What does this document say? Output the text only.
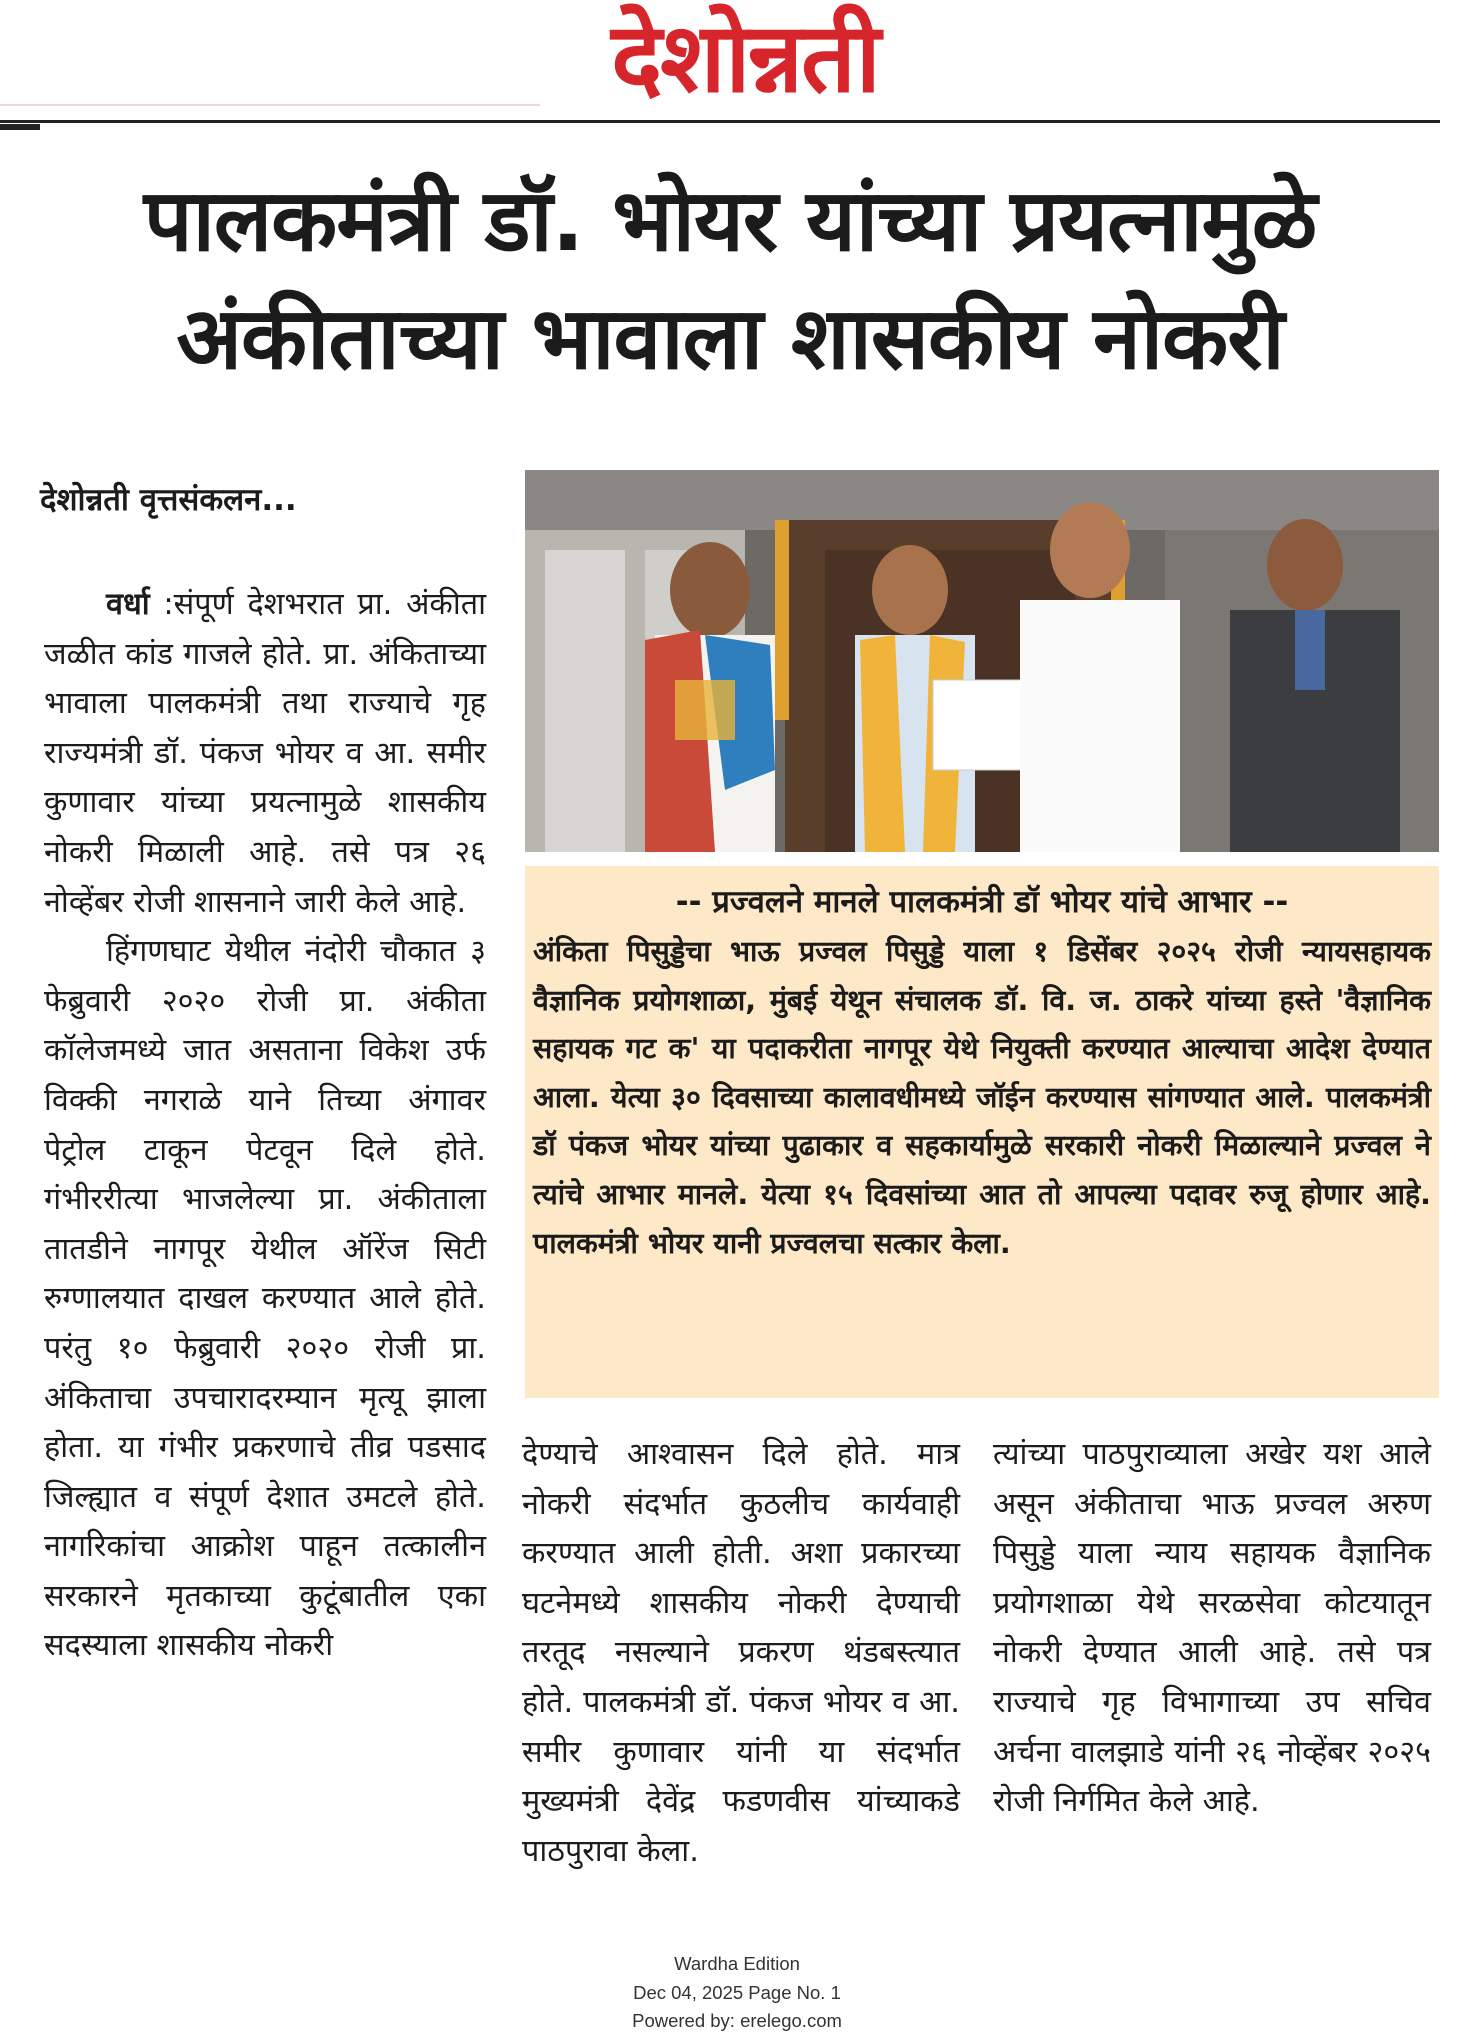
देशोन्नती
पालकमंत्री डॉ. भोयर यांच्या प्रयत्नामुळे
अंकीताच्या भावाला शासकीय नोकरी
देशोन्नती वृत्तसंकलन...

वर्धा :संपूर्ण देशभरात प्रा. अंकीता जळीत कांड गाजले होते. प्रा. अंकिताच्या भावाला पालकमंत्री तथा राज्याचे गृह राज्यमंत्री डॉ. पंकज भोयर व आ. समीर कुणावार यांच्या प्रयत्नामुळे शासकीय नोकरी मिळाली आहे. तसे पत्र २६ नोव्हेंबर रोजी शासनाने जारी केले आहे.

हिंगणघाट येथील नंदोरी चौकात ३ फेब्रुवारी २०२० रोजी प्रा. अंकीता कॉलेजमध्ये जात असताना विकेश उर्फ विक्की नगराळे याने तिच्या अंगावर पेट्रोल टाकून पेटवून दिले होते. गंभीररीत्या भाजलेल्या प्रा. अंकीताला तातडीने नागपूर येथील ऑरेंज सिटी रुग्णालयात दाखल करण्यात आले होते. परंतु १० फेब्रुवारी २०२० रोजी प्रा. अंकिताचा उपचारादरम्यान मृत्यू झाला होता. या गंभीर प्रकरणाचे तीव्र पडसाद जिल्ह्यात व संपूर्ण देशात उमटले होते. नागरिकांचा आक्रोश पाहून तत्कालीन सरकारने मृतकाच्या कुटूंबातील एका सदस्याला शासकीय नोकरी

-- प्रज्वलने मानले पालकमंत्री डॉ भोयर यांचे आभार --
अंकिता पिसुड्डेचा भाऊ प्रज्वल पिसुड्डे याला १ डिसेंबर २०२५ रोजी न्यायसहायक वैज्ञानिक प्रयोगशाळा, मुंबई येथून संचालक डॉ. वि. ज. ठाकरे यांच्या हस्ते 'वैज्ञानिक सहायक गट क' या पदाकरीता नागपूर येथे नियुक्ती करण्यात आल्याचा आदेश देण्यात आला. येत्या ३० दिवसाच्या कालावधीमध्ये जॉईन करण्यास सांगण्यात आले. पालकमंत्री डॉ पंकज भोयर यांच्या पुढाकार व सहकार्यामुळे सरकारी नोकरी मिळाल्याने प्रज्वल ने त्यांचे आभार मानले. येत्या १५ दिवसांच्या आत तो आपल्या पदावर रुजू होणार आहे. पालकमंत्री भोयर यानी प्रज्वलचा सत्कार केला.

देण्याचे आश्वासन दिले होते. मात्र नोकरी संदर्भात कुठलीच कार्यवाही करण्यात आली होती. अशा प्रकारच्या घटनेमध्ये शासकीय नोकरी देण्याची तरतूद नसल्याने प्रकरण थंडबस्त्यात होते. पालकमंत्री डॉ. पंकज भोयर व आ. समीर कुणावार यांनी या संदर्भात मुख्यमंत्री देवेंद्र फडणवीस यांच्याकडे पाठपुरावा केला.

त्यांच्या पाठपुराव्याला अखेर यश आले असून अंकीताचा भाऊ प्रज्वल अरुण पिसुड्डे याला न्याय सहायक वैज्ञानिक प्रयोगशाळा येथे सरळसेवा कोटयातून नोकरी देण्यात आली आहे. तसे पत्र राज्याचे गृह विभागाच्या उप सचिव अर्चना वालझाडे यांनी २६ नोव्हेंबर २०२५ रोजी निर्गमित केले आहे.

Wardha Edition
Dec 04, 2025 Page No. 1
Powered by: erelego.com
